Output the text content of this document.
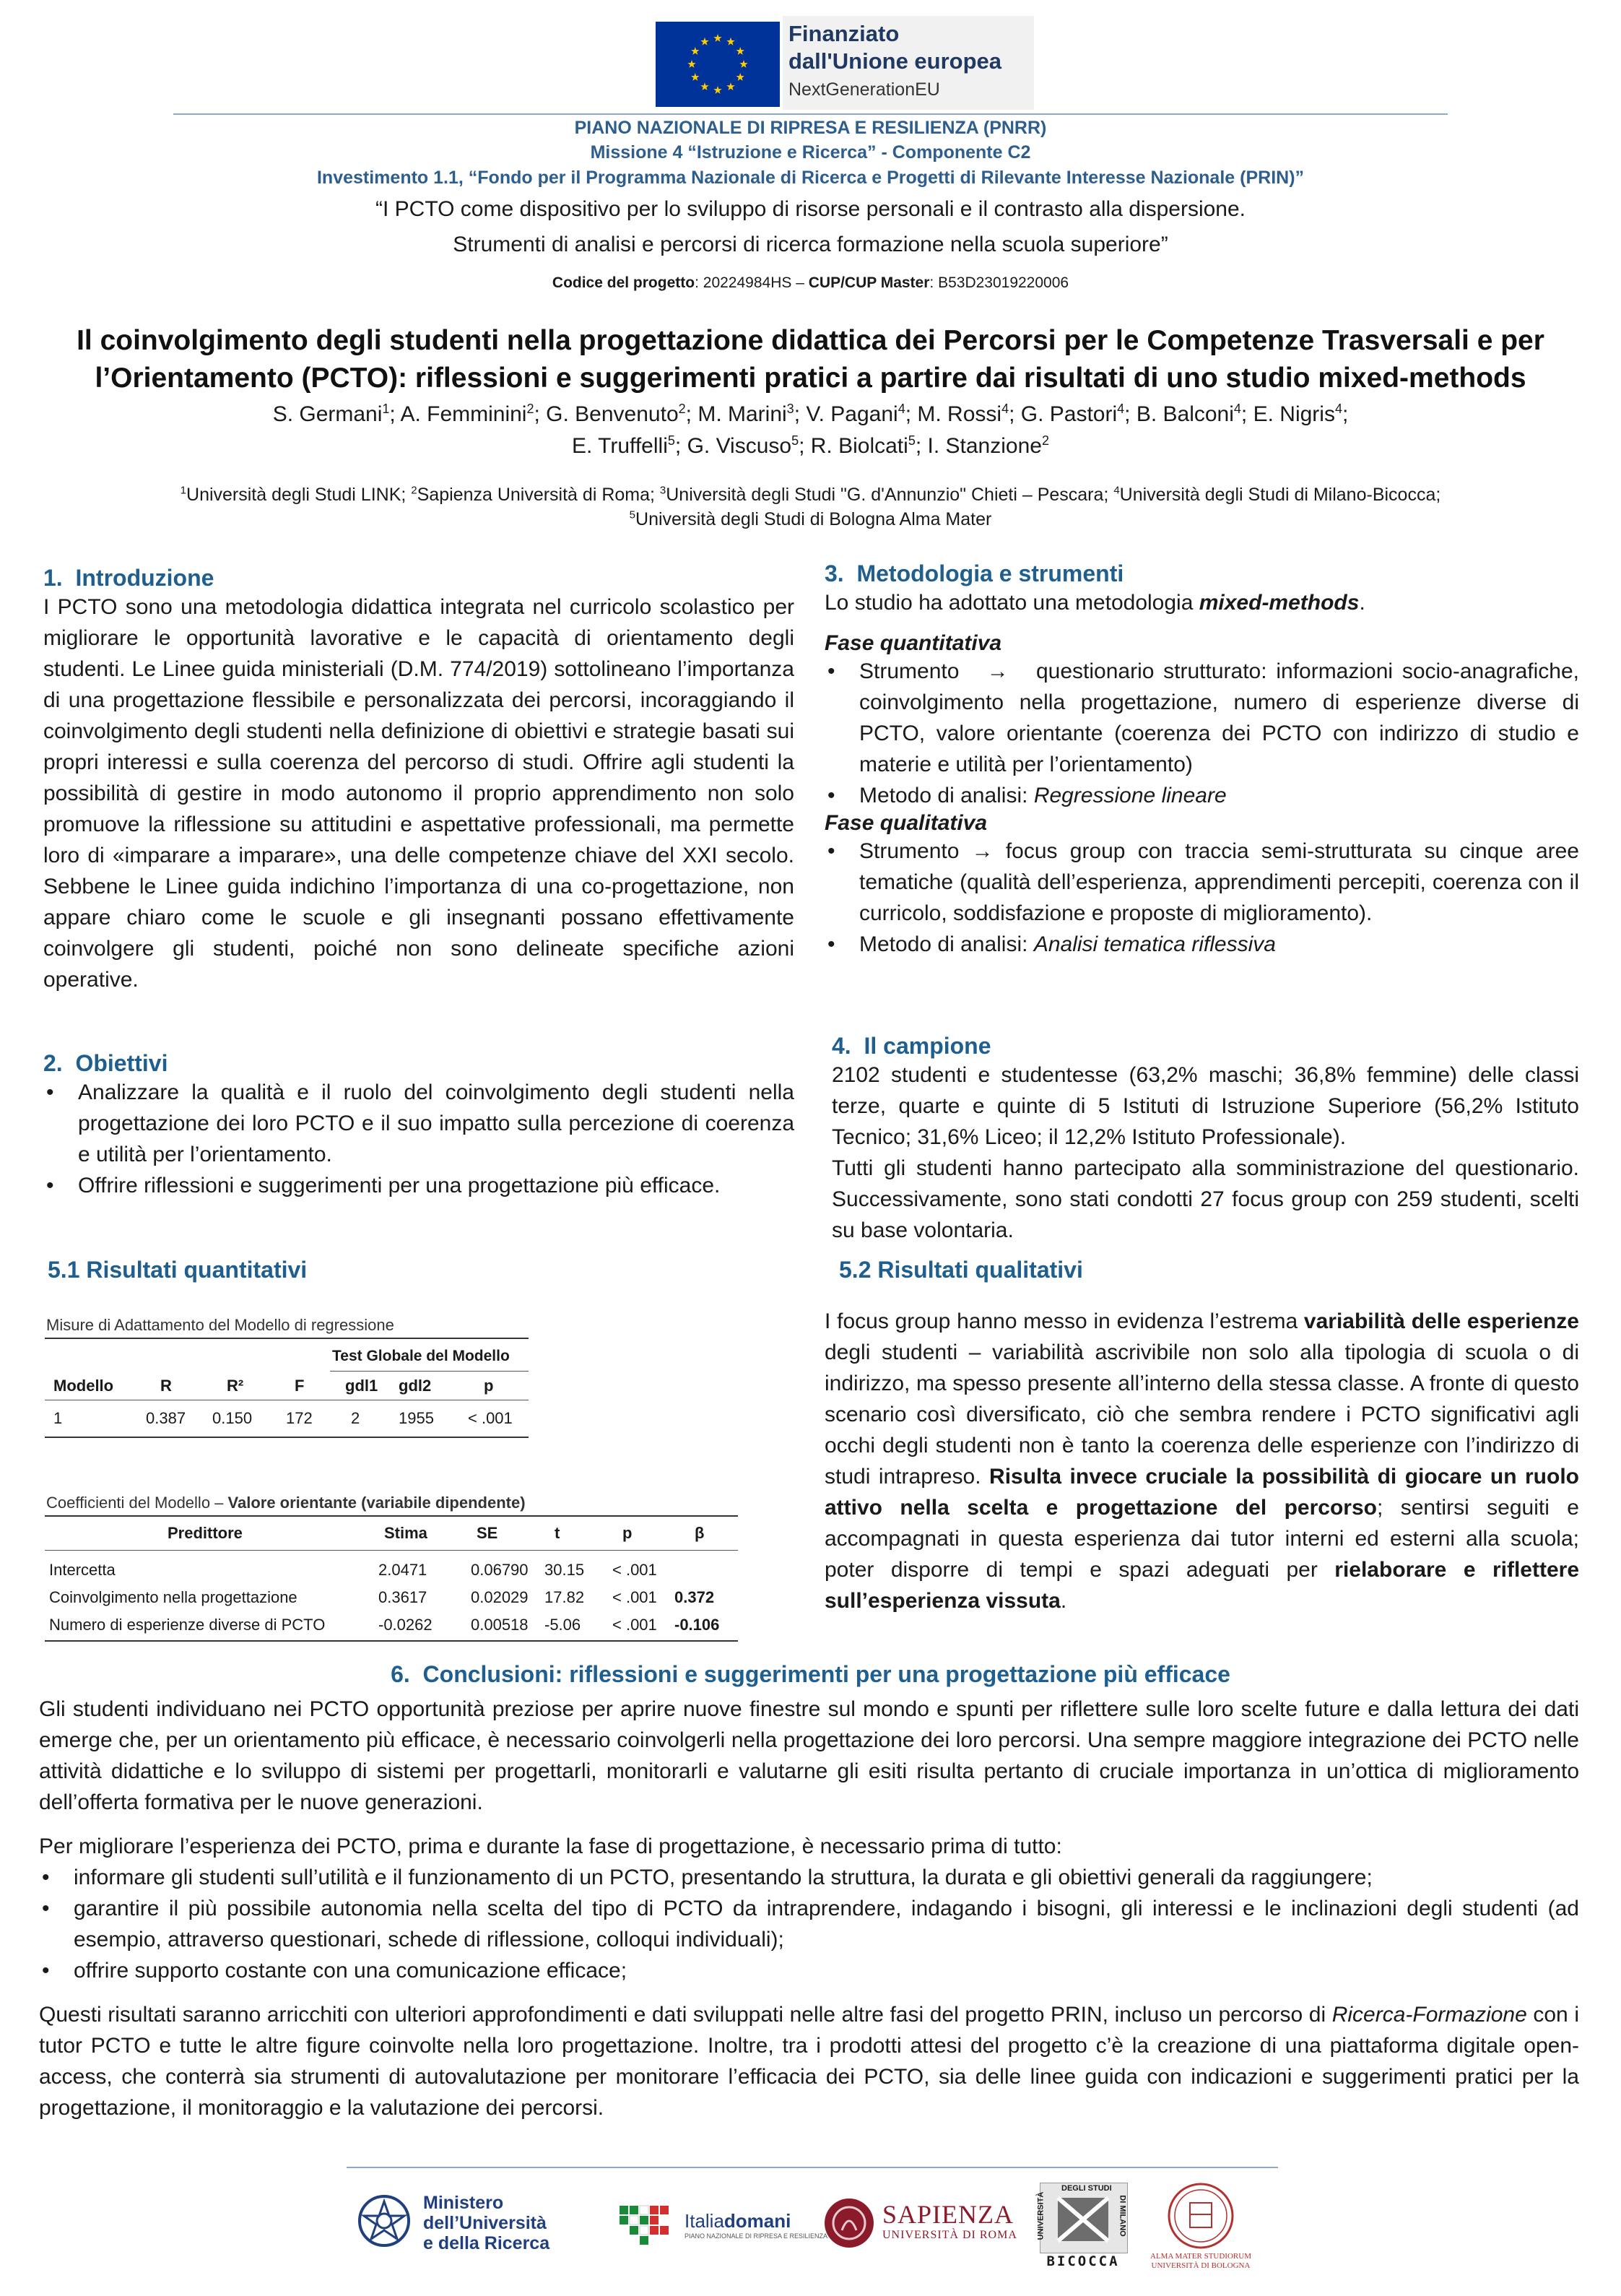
Finanziato
dall'Unione europea
NextGenerationEU
PIANO NAZIONALE DI RIPRESA E RESILIENZA (PNRR)
Missione 4 “Istruzione e Ricerca” - Componente C2
Investimento 1.1, “Fondo per il Programma Nazionale di Ricerca e Progetti di Rilevante Interesse Nazionale (PRIN)”
“I PCTO come dispositivo per lo sviluppo di risorse personali e il contrasto alla dispersione.
Strumenti di analisi e percorsi di ricerca formazione nella scuola superiore”
Codice del progetto: 20224984HS – CUP/CUP Master: B53D23019220006
Il coinvolgimento degli studenti nella progettazione didattica dei Percorsi per le Competenze Trasversali e per l’Orientamento (PCTO): riflessioni e suggerimenti pratici a partire dai risultati di uno studio mixed-methods
S. Germani$^1$; A. Femminini$^2$; G. Benvenuto$^2$; M. Marini$^3$; V. Pagani$^4$; M. Rossi$^4$; G. Pastori$^4$; B. Balconi$^4$; E. Nigris$^4$;
E. Truffelli$^5$; G. Viscuso$^5$; R. Biolcati$^5$; I. Stanzione$^2$
$^1$Università degli Studi LINK; $^2$Sapienza Università di Roma; $^3$Università degli Studi "G. d'Annunzio" Chieti – Pescara; $^4$Università degli Studi di Milano-Bicocca;
$^5$Università degli Studi di Bologna Alma Mater
1. Introduzione
I PCTO sono una metodologia didattica integrata nel curricolo scolastico per migliorare le opportunità lavorative e le capacità di orientamento degli studenti. Le Linee guida ministeriali (D.M. 774/2019) sottolineano l’importanza di una progettazione flessibile e personalizzata dei percorsi, incoraggiando il coinvolgimento degli studenti nella definizione di obiettivi e strategie basati sui propri interessi e sulla coerenza del percorso di studi. Offrire agli studenti la possibilità di gestire in modo autonomo il proprio apprendimento non solo promuove la riflessione su attitudini e aspettative professionali, ma permette loro di «imparare a imparare», una delle competenze chiave del XXI secolo. Sebbene le Linee guida indichino l’importanza di una co-progettazione, non appare chiaro come le scuole e gli insegnanti possano effettivamente coinvolgere gli studenti, poiché non sono delineate specifiche azioni operative.
2. Obiettivi
• Analizzare la qualità e il ruolo del coinvolgimento degli studenti nella progettazione dei loro PCTO e il suo impatto sulla percezione di coerenza e utilità per l’orientamento.
• Offrire riflessioni e suggerimenti per una progettazione più efficace.
5.1 Risultati quantitativi
Misure di Adattamento del Modello di regressione
Test Globale del Modello
Modello	R	R²	F	gdl1 gdl2	p
1	0.387 0.150 172 2 1955 < .001
Coefficienti del Modello – Valore orientante (variabile dipendente)
Predittore	Stima	SE	t	p	β
Intercetta	2.0471	0.06790 30.15 < .001
Coinvolgimento nella progettazione	0.3617	0.02029 17.82 < .001 0.372
Numero di esperienze diverse di PCTO	-0.0262 0.00518 -5.06 < .001 -0.106
3. Metodologia e strumenti
Lo studio ha adottato una metodologia mixed-methods.
Fase quantitativa
• Strumento → questionario strutturato: informazioni socio-anagrafiche, coinvolgimento nella progettazione, numero di esperienze diverse di PCTO, valore orientante (coerenza dei PCTO con indirizzo di studio e materie e utilità per l’orientamento)
• Metodo di analisi: Regressione lineare
Fase qualitativa
• Strumento → focus group con traccia semi-strutturata su cinque aree tematiche (qualità dell’esperienza, apprendimenti percepiti, coerenza con il curricolo, soddisfazione e proposte di miglioramento).
• Metodo di analisi: Analisi tematica riflessiva
4. Il campione
2102 studenti e studentesse (63,2% maschi; 36,8% femmine) delle classi terze, quarte e quinte di 5 Istituti di Istruzione Superiore (56,2% Istituto Tecnico; 31,6% Liceo; il 12,2% Istituto Professionale).
Tutti gli studenti hanno partecipato alla somministrazione del questionario. Successivamente, sono stati condotti 27 focus group con 259 studenti, scelti su base volontaria.
5.2 Risultati qualitativi
I focus group hanno messo in evidenza l’estrema variabilità delle esperienze degli studenti – variabilità ascrivibile non solo alla tipologia di scuola o di indirizzo, ma spesso presente all’interno della stessa classe. A fronte di questo scenario così diversificato, ciò che sembra rendere i PCTO significativi agli occhi degli studenti non è tanto la coerenza delle esperienze con l’indirizzo di studi intrapreso. Risulta invece cruciale la possibilità di giocare un ruolo attivo nella scelta e progettazione del percorso; sentirsi seguiti e accompagnati in questa esperienza dai tutor interni ed esterni alla scuola; poter disporre di tempi e spazi adeguati per rielaborare e riflettere sull’esperienza vissuta.
6. Conclusioni: riflessioni e suggerimenti per una progettazione più efficace
Gli studenti individuano nei PCTO opportunità preziose per aprire nuove finestre sul mondo e spunti per riflettere sulle loro scelte future e dalla lettura dei dati emerge che, per un orientamento più efficace, è necessario coinvolgerli nella progettazione dei loro percorsi. Una sempre maggiore integrazione dei PCTO nelle attività didattiche e lo sviluppo di sistemi per progettarli, monitorarli e valutarne gli esiti risulta pertanto di cruciale importanza in un’ottica di miglioramento dell’offerta formativa per le nuove generazioni.
Per migliorare l’esperienza dei PCTO, prima e durante la fase di progettazione, è necessario prima di tutto:
• informare gli studenti sull’utilità e il funzionamento di un PCTO, presentando la struttura, la durata e gli obiettivi generali da raggiungere;
• garantire il più possibile autonomia nella scelta del tipo di PCTO da intraprendere, indagando i bisogni, gli interessi e le inclinazioni degli studenti (ad esempio, attraverso questionari, schede di riflessione, colloqui individuali);
• offrire supporto costante con una comunicazione efficace;
Questi risultati saranno arricchiti con ulteriori approfondimenti e dati sviluppati nelle altre fasi del progetto PRIN, incluso un percorso di Ricerca-Formazione con i tutor PCTO e tutte le altre figure coinvolte nella loro progettazione. Inoltre, tra i prodotti attesi del progetto c’è la creazione di una piattaforma digitale open-access, che conterrà sia strumenti di autovalutazione per monitorare l’efficacia dei PCTO, sia delle linee guida con indicazioni e suggerimenti pratici per la progettazione, il monitoraggio e la valutazione dei percorsi.
Ministero
dell’Università
e della Ricerca
Italiadomani
PIANO NAZIONALE DI RIPRESA E RESILIENZA
SAPIENZA
UNIVERSITÀ DI ROMA
DEGLI STUDI
UNIVERSITÀ	DI MILANO
BICOCCA	ALMA MATER STUDIORUM
UNIVERSITÀ DI BOLOGNA
